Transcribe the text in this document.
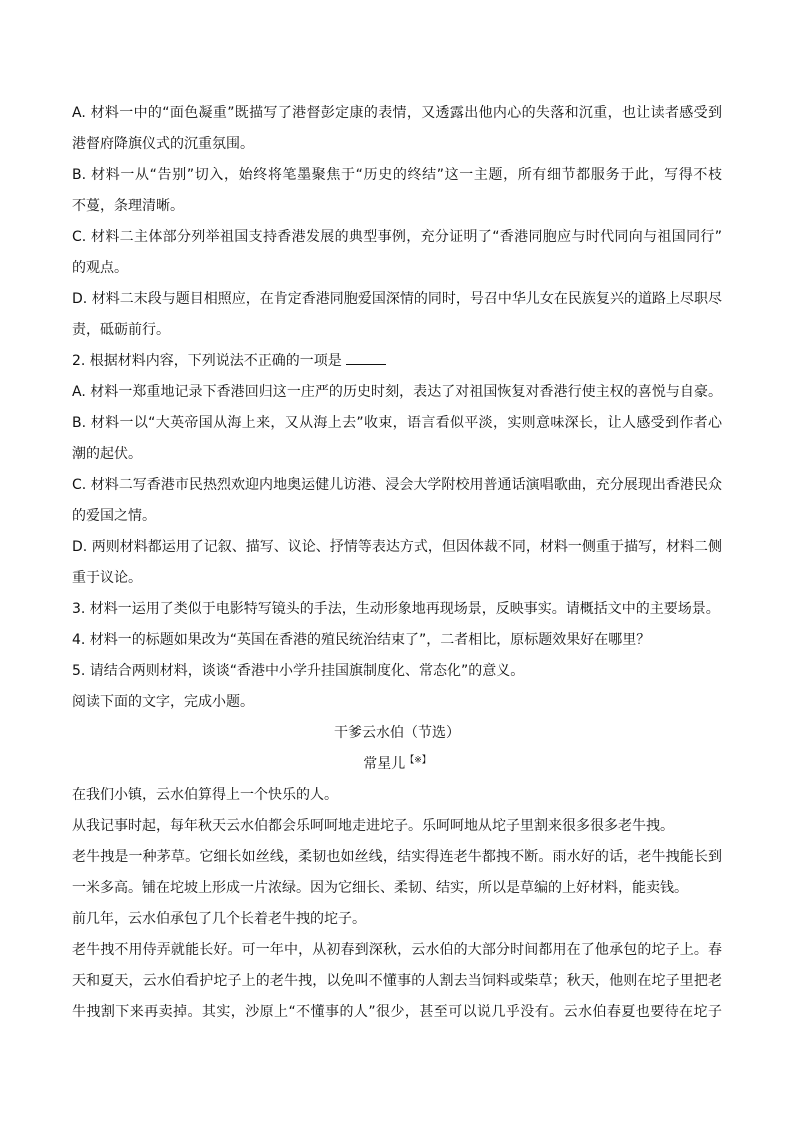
A. 材料一中的“面色凝重”既描写了港督彭定康的表情，又透露出他内心的失落和沉重，也让读者感受到

港督府降旗仪式的沉重氛围。

B. 材料一从“告别”切入，始终将笔墨聚焦于“历史的终结”这一主题，所有细节都服务于此，写得不枝

不蔓，条理清晰。

C. 材料二主体部分列举祖国支持香港发展的典型事例，充分证明了“香港同胞应与时代同向与祖国同行”

的观点。

D. 材料二末段与题目相照应，在肯定香港同胞爱国深情的同时，号召中华儿女在民族复兴的道路上尽职尽

责，砥砺前行。

2. 根据材料内容，下列说法不正确的一项是

A. 材料一郑重地记录下香港回归这一庄严的历史时刻，表达了对祖国恢复对香港行使主权的喜悦与自豪。

B. 材料一以“大英帝国从海上来，又从海上去”收束，语言看似平淡，实则意味深长，让人感受到作者心

潮的起伏。

C. 材料二写香港市民热烈欢迎内地奥运健儿访港、浸会大学附校用普通话演唱歌曲，充分展现出香港民众

的爱国之情。

D. 两则材料都运用了记叙、描写、议论、抒情等表达方式，但因体裁不同，材料一侧重于描写，材料二侧

重于议论。

3. 材料一运用了类似于电影特写镜头的手法，生动形象地再现场景，反映事实。请概括文中的主要场景。

4. 材料一的标题如果改为“英国在香港的殖民统治结束了”，二者相比，原标题效果好在哪里？

5. 请结合两则材料，谈谈“香港中小学升挂国旗制度化、常态化”的意义。

阅读下面的文字，完成小题。

干爹云水伯（节选）

常星儿【※】

在我们小镇，云水伯算得上一个快乐的人。

从我记事时起，每年秋天云水伯都会乐呵呵地走进坨子。乐呵呵地从坨子里割来很多很多老牛拽。

老牛拽是一种茅草。它细长如丝线，柔韧也如丝线，结实得连老牛都拽不断。雨水好的话，老牛拽能长到

一米多高。铺在坨坡上形成一片浓绿。因为它细长、柔韧、结实，所以是草编的上好材料，能卖钱。

前几年，云水伯承包了几个长着老牛拽的坨子。

老牛拽不用侍弄就能长好。可一年中，从初春到深秋，云水伯的大部分时间都用在了他承包的坨子上。春

天和夏天，云水伯看护坨子上的老牛拽，以免叫不懂事的人割去当饲料或柴草；秋天，他则在坨子里把老

牛拽割下来再卖掉。其实，沙原上“不懂事的人”很少，甚至可以说几乎没有。云水伯春夏也要待在坨子
